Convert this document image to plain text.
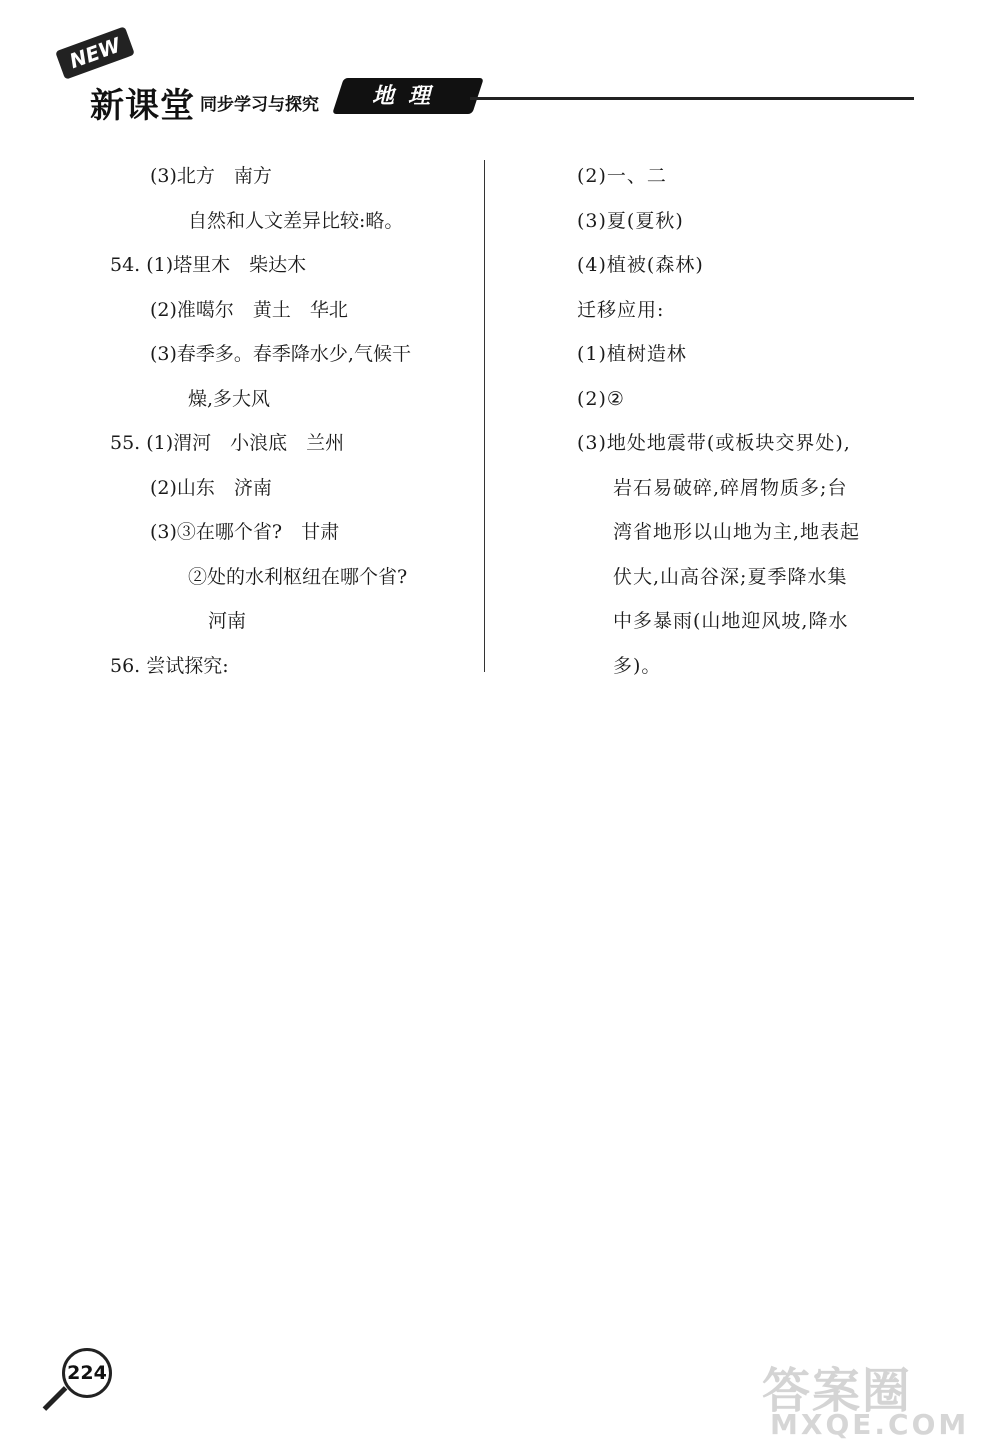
NEW
新课堂 同步学习与探究	地理
(3)北方　南方
自然和人文差异比较:略。
54. (1)塔里木　柴达木
(2)准噶尔　黄土　华北
(3)春季多。春季降水少,气候干
燥,多大风
55. (1)渭河　小浪底　兰州
(2)山东　济南
(3)③在哪个省?　甘肃
②处的水利枢纽在哪个省?
河南
56. 尝试探究:
(2)一、二
(3)夏(夏秋)
(4)植被(森林)
迁移应用:
(1)植树造林
(2)②
(3)地处地震带(或板块交界处),
岩石易破碎,碎屑物质多;台
湾省地形以山地为主,地表起
伏大,山高谷深;夏季降水集
中多暴雨(山地迎风坡,降水
多)。
224	答案圈
MXQE.COM
